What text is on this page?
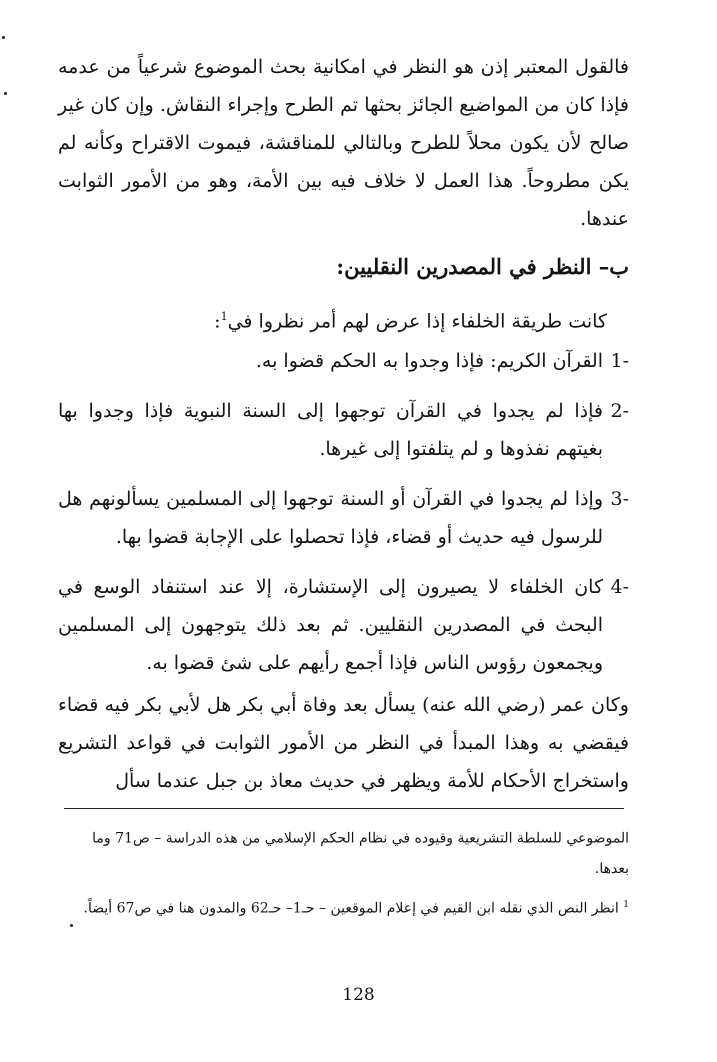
فالقول المعتبر إذن هو النظر في امكانية بحث الموضوع شرعياً من عدمه فإذا كان من المواضيع الجائز بحثها تم الطرح وإجراء النقاش. وإن كان غير صالح لأن يكون محلاً للطرح وبالتالي للمناقشة، فيموت الاقتراح وكأنه لم يكن مطروحاً. هذا العمل لا خلاف فيه بين الأمة، وهو من الأمور الثوابت عندها.

ب– النظر في المصدرين النقليين:

كانت طريقة الخلفاء إذا عرض لهم أمر نظروا في$^1$:

-1القرآن الكريم: فإذا وجدوا به الحكم قضوا به.
-2فإذا لم يجدوا في القرآن توجهوا إلى السنة النبوية فإذا وجدوا بها بغيتهم نفذوها و لم يتلفتوا إلى غيرها.
-3وإذا لم يجدوا في القرآن أو السنة توجهوا إلى المسلمين يسألونهم هل للرسول فيه حديث أو قضاء، فإذا تحصلوا على الإجابة قضوا بها.
-4كان الخلفاء لا يصيرون إلى الإستشارة، إلا عند استنفاد الوسع في البحث في المصدرين النقليين. ثم بعد ذلك يتوجهون إلى المسلمين ويجمعون رؤوس الناس فإذا أجمع رأيهم على شئ قضوا به.

وكان عمر (رضي الله عنه) يسأل بعد وفاة أبي بكر هل لأبي بكر فيه قضاء فيقضي به وهذا المبدأ في النظر من الأمور الثوابت في قواعد التشريع واستخراج الأحكام للأمة ويظهر في حديث معاذ بن جبل عندما سأل

الموضوعي للسلطة التشريعية وقيوده في نظام الحكم الإسلامي من هذه الدراسة – ص71 وما بعدها.

$^1$ انظر النص الذي نقله ابن القيم في إعلام الموقعين – حـ1– حـ62 والمدون هنا في ص67 أيضاً.

128
